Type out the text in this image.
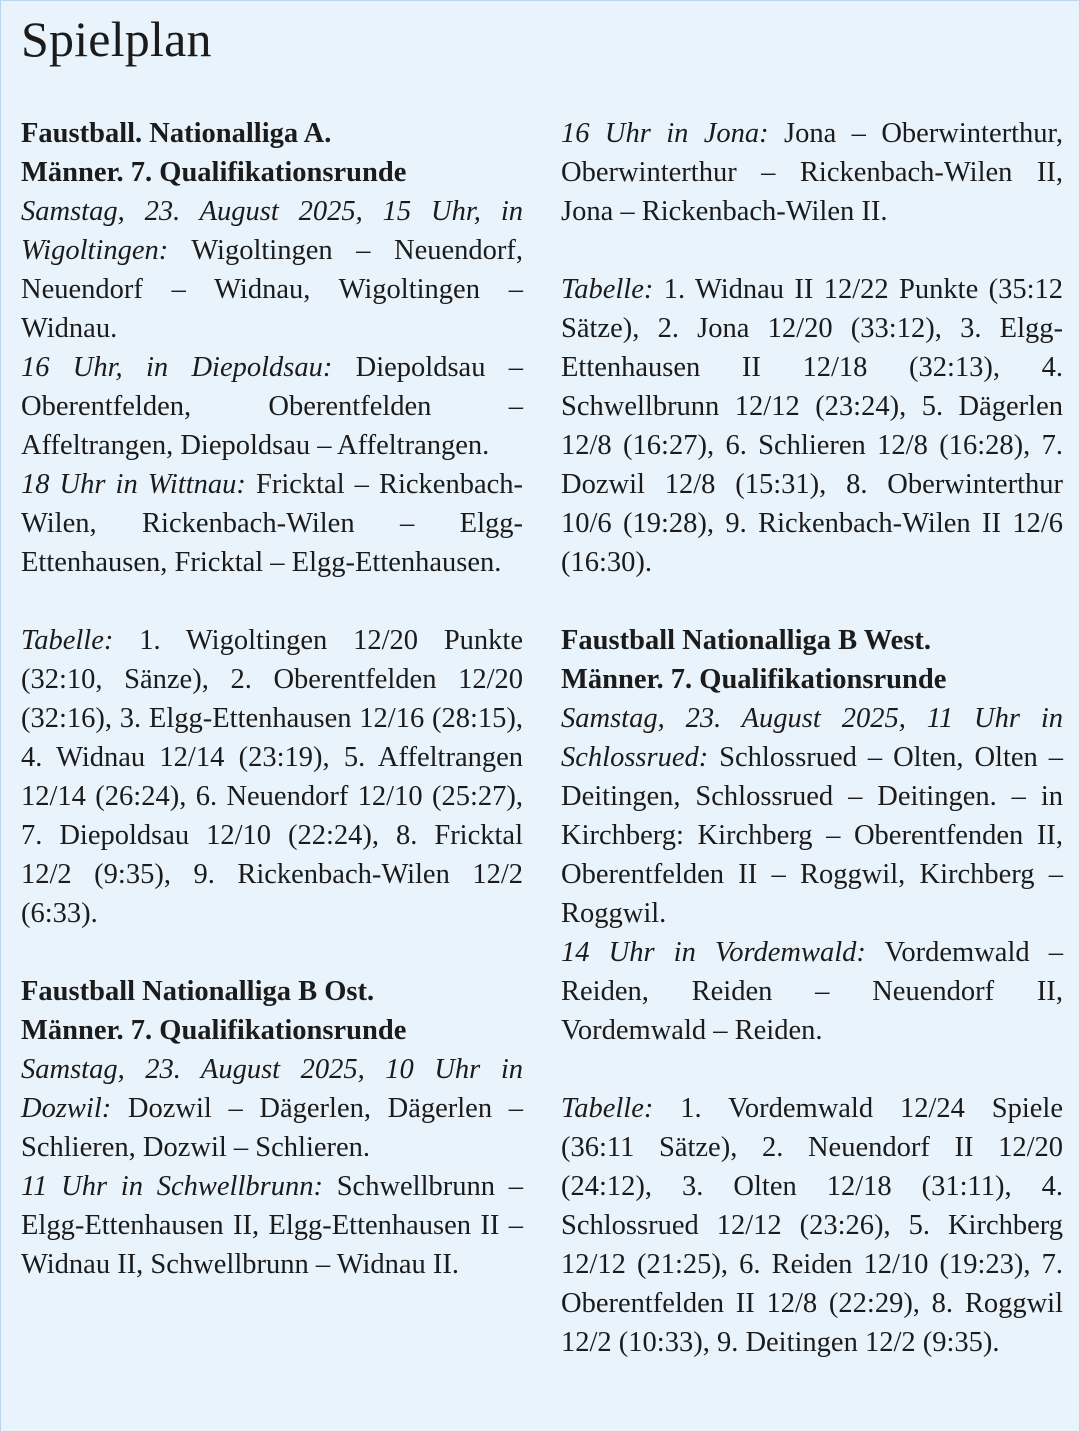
Spielplan

Faustball. Nationalliga A.

Männer. 7. Qualifikationsrunde

Samstag, 23. August 2025, 15 Uhr, in Wigoltingen: Wigoltingen – Neuendorf, Neuendorf – Widnau, Wigoltingen – Widnau.

16 Uhr, in Diepoldsau: Diepoldsau – Oberentfelden, Oberentfelden – Affeltrangen, Diepoldsau – Affeltrangen.

18 Uhr in Wittnau: Fricktal – Rickenbach-Wilen, Rickenbach-Wilen – Elgg-Ettenhausen, Fricktal – Elgg-Ettenhausen.

Tabelle: 1. Wigoltingen 12/20 Punkte (32:10, Sänze), 2. Oberentfelden 12/20 (32:16), 3. Elgg-Ettenhausen 12/16 (28:15), 4. Widnau 12/14 (23:19), 5. Affeltrangen 12/14 (26:24), 6. Neuendorf 12/10 (25:27), 7. Diepoldsau 12/10 (22:24), 8. Fricktal 12/2 (9:35), 9. Rickenbach-Wilen 12/2 (6:33).

Faustball Nationalliga B Ost.

Männer. 7. Qualifikationsrunde

Samstag, 23. August 2025, 10 Uhr in Dozwil: Dozwil – Dägerlen, Dägerlen – Schlieren, Dozwil – Schlieren.

11 Uhr in Schwellbrunn: Schwellbrunn – Elgg-Ettenhausen II, Elgg-Ettenhausen II – Widnau II, Schwellbrunn – Widnau II.

16 Uhr in Jona: Jona – Oberwinterthur, Oberwinterthur – Rickenbach-Wilen II, Jona – Rickenbach-Wilen II.

Tabelle: 1. Widnau II 12/22 Punkte (35:12 Sätze), 2. Jona 12/20 (33:12), 3. Elgg-Ettenhausen II 12/18 (32:13), 4. Schwellbrunn 12/12 (23:24), 5. Dägerlen 12/8 (16:27), 6. Schlieren 12/8 (16:28), 7. Dozwil 12/8 (15:31), 8. Oberwinterthur 10/6 (19:28), 9. Rickenbach-Wilen II 12/6 (16:30).

Faustball Nationalliga B West.

Männer. 7. Qualifikationsrunde

Samstag, 23. August 2025, 11 Uhr in Schlossrued: Schlossrued – Olten, Olten – Deitingen, Schlossrued – Deitingen. – in Kirchberg: Kirchberg – Oberentfenden II, Oberentfelden II – Roggwil, Kirchberg – Roggwil.

14 Uhr in Vordemwald: Vordemwald – Reiden, Reiden – Neuendorf II, Vordemwald – Reiden.

Tabelle: 1. Vordemwald 12/24 Spiele (36:11 Sätze), 2. Neuendorf II 12/20 (24:12), 3. Olten 12/18 (31:11), 4. Schlossrued 12/12 (23:26), 5. Kirchberg 12/12 (21:25), 6. Reiden 12/10 (19:23), 7. Oberentfelden II 12/8 (22:29), 8. Roggwil 12/2 (10:33), 9. Deitingen 12/2 (9:35).
